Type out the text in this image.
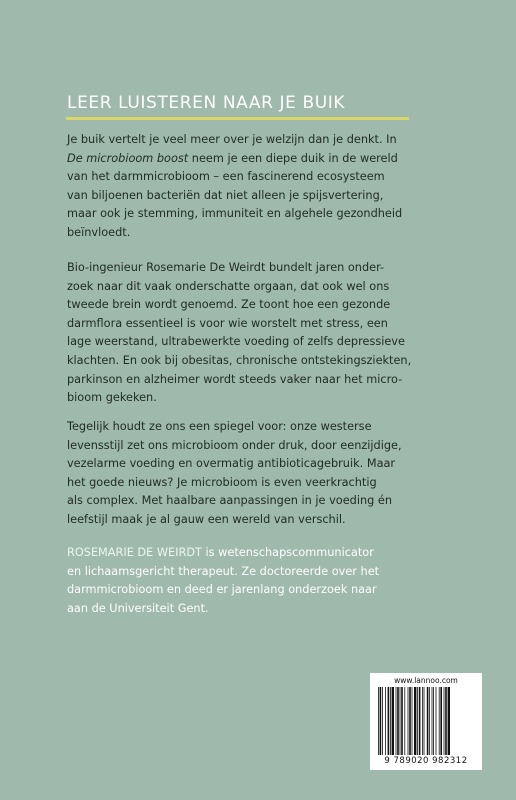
LEER LUISTEREN NAAR JE BUIK
Je buik vertelt je veel meer over je welzijn dan je denkt. In
De microbioom boost neem je een diepe duik in de wereld
van het darmmicrobioom – een fascinerend ecosysteem
van biljoenen bacteriën dat niet alleen je spijsvertering,
maar ook je stemming, immuniteit en algehele gezondheid
beïnvloedt.
Bio-ingenieur Rosemarie De Weirdt bundelt jaren onder-
zoek naar dit vaak onderschatte orgaan, dat ook wel ons
tweede brein wordt genoemd. Ze toont hoe een gezonde
darmflora essentieel is voor wie worstelt met stress, een
lage weerstand, ultrabewerkte voeding of zelfs depressieve
klachten. En ook bij obesitas, chronische ontstekingsziekten,
parkinson en alzheimer wordt steeds vaker naar het micro-
bioom gekeken.
Tegelijk houdt ze ons een spiegel voor: onze westerse
levensstijl zet ons microbioom onder druk, door eenzijdige,
vezelarme voeding en overmatig antibioticagebruik. Maar
het goede nieuws? Je microbioom is even veerkrachtig
als complex. Met haalbare aanpassingen in je voeding én
leefstijl maak je al gauw een wereld van verschil.
ROSEMARIE DE WEIRDT is wetenschapscommunicator
en lichaamsgericht therapeut. Ze doctoreerde over het
darmmicrobioom en deed er jarenlang onderzoek naar
aan de Universiteit Gent.
www.lannoo.com
9 789020 982312
